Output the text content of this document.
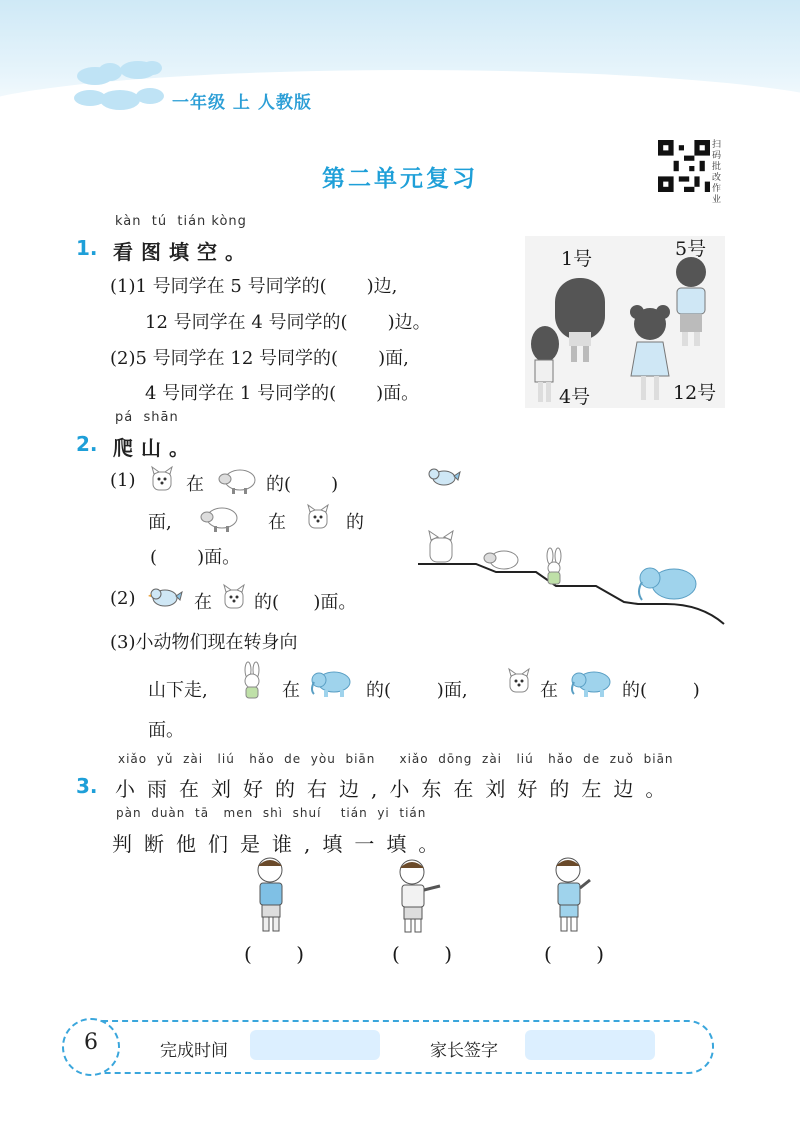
一年级 上 人教版
第二单元复习
扫码批改作业
kàn  tú  tián kòng
1. 看图填空。
(1)1 号同学在 5 号同学的(       )边,
12 号同学在 4 号同学的(       )边。
(2)5 号同学在 12 号同学的(       )面,
4 号同学在 1 号同学的(       )面。
1号	5号
4号	12号
pá  shān
2. 爬山。
(1)	在	的(       )
面,	在	的
(       )面。
(2)	在 的(      )面。
(3)小动物们现在转身向
山下走,	在	的(        )面,	在	的(        )
面。
xiǎo  yǔ  zài   liú   hǎo  de  yòu  biān     xiǎo  dōng  zài   liú   hǎo  de  zuǒ  biān
3. 小雨在刘好的右边,小东在刘好的左边。
pàn  duàn  tā   men  shì  shuí    tián  yi  tián
判断他们是谁,填一填。
(       )	(       )	(       )
6	完成时间	家长签字
